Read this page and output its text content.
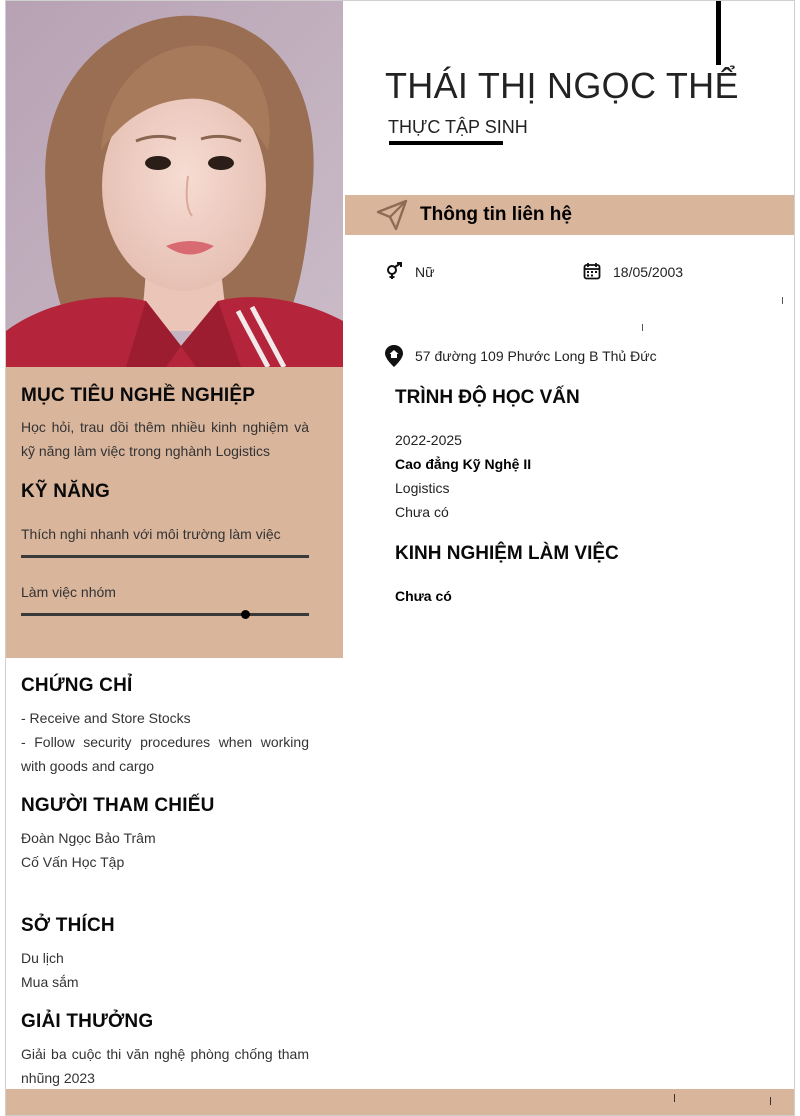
MỤC TIÊU NGHỀ NGHIỆP
Học hỏi, trau dồi thêm nhiều kinh nghiệm và kỹ năng làm việc trong nghành Logistics
KỸ NĂNG
Thích nghi nhanh với môi trường làm việc
Làm việc nhóm
CHỨNG CHỈ
- Receive and Store Stocks
- Follow security procedures when working with goods and cargo
NGƯỜI THAM CHIẾU
Đoàn Ngọc Bảo Trâm
Cố Vấn Học Tập
SỞ THÍCH
Du lịch
Mua sắm
GIẢI THƯỞNG
Giải ba cuộc thi văn nghệ phòng chống tham nhũng 2023
THÁI THỊ NGỌC THỂ
THỰC TẬP SINH
Thông tin liên hệ
Nữ	18/05/2003
57 đường 109 Phước Long B Thủ Đức
TRÌNH ĐỘ HỌC VẤN
2022-2025
Cao đẳng Kỹ Nghệ II
Logistics
Chưa có
KINH NGHIỆM LÀM VIỆC
Chưa có
